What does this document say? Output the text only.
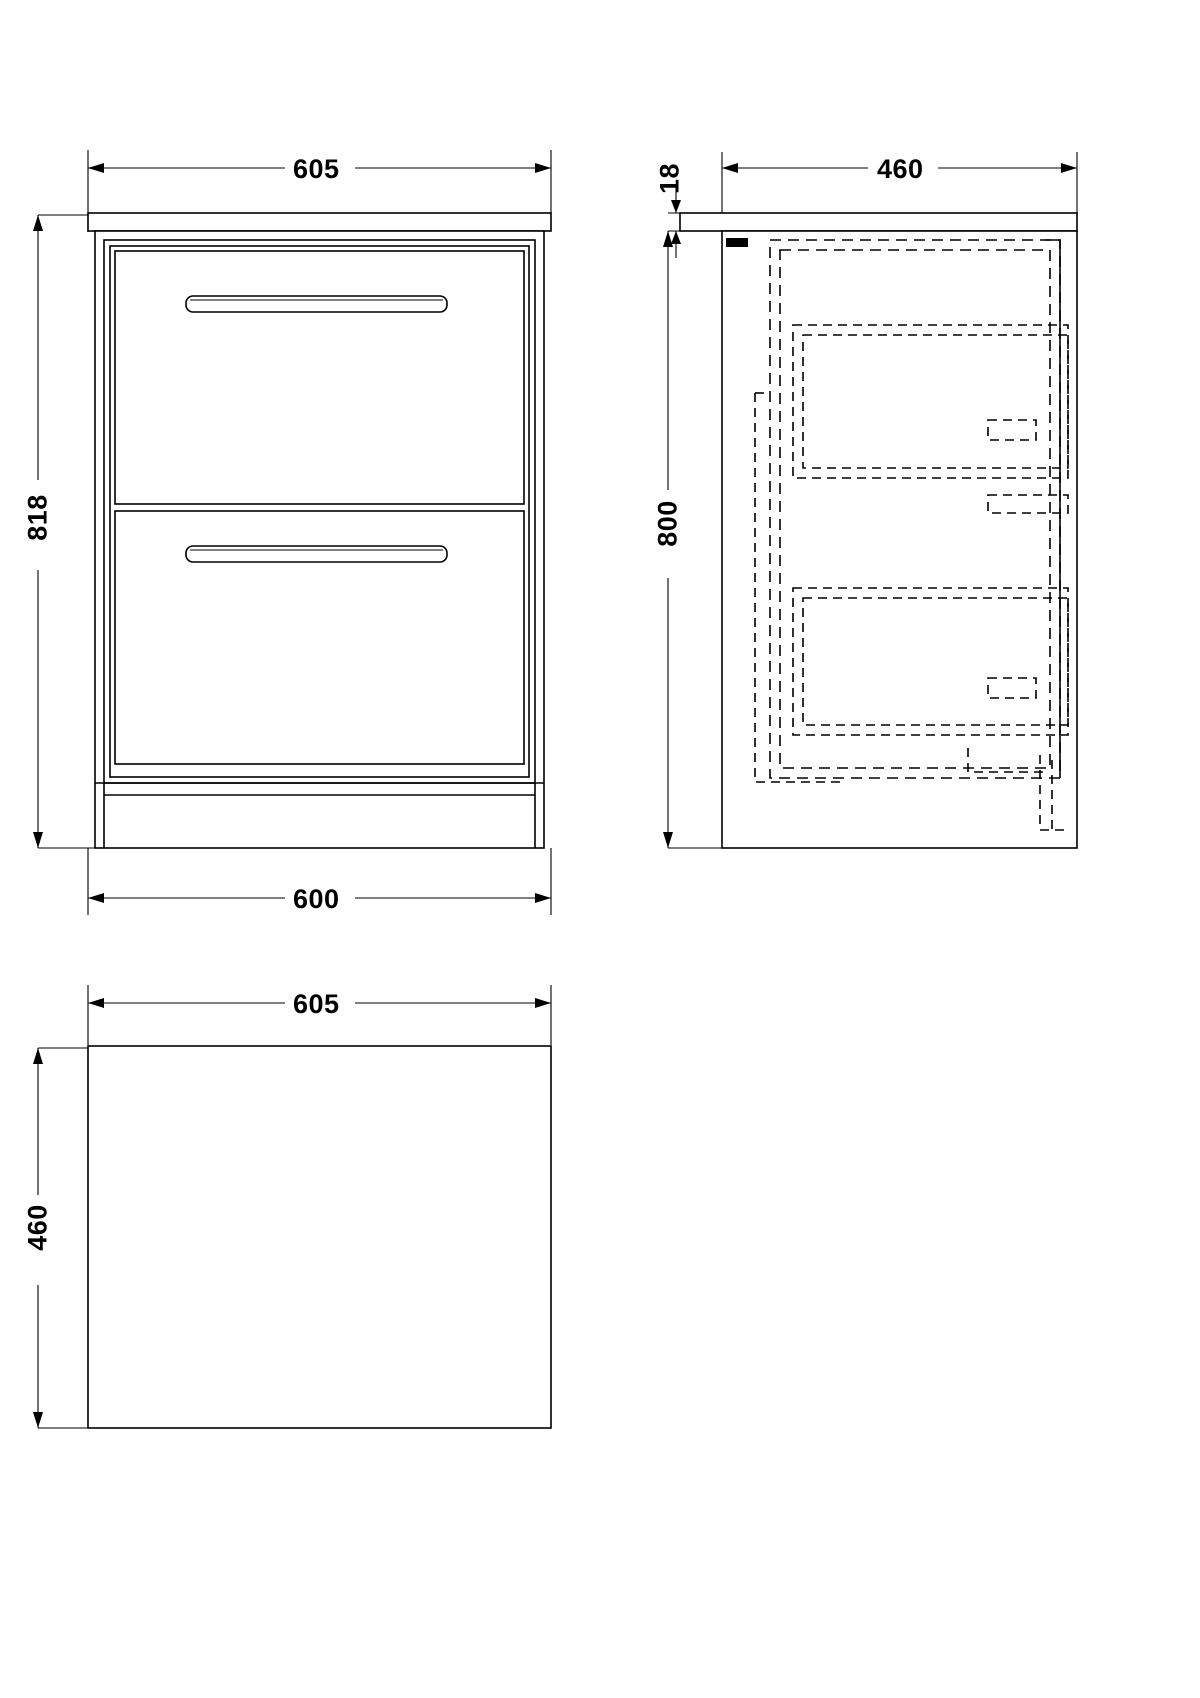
605
818
600
460
18
800
605
460
